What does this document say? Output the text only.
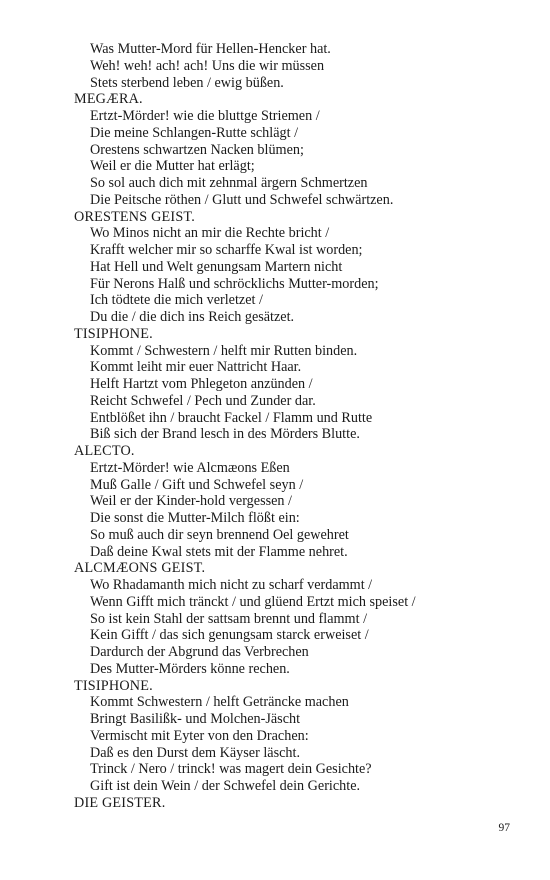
Was Mutter-Mord für Hellen-Hencker hat.
Weh! weh! ach! ach! Uns die wir müssen
Stets sterbend leben / ewig büßen.
MEGÆRA.
Ertzt-Mörder! wie die bluttge Striemen /
Die meine Schlangen-Rutte schlägt /
Orestens schwartzen Nacken blümen;
Weil er die Mutter hat erlägt;
So sol auch dich mit zehnmal ärgern Schmertzen
Die Peitsche röthen / Glutt und Schwefel schwärtzen.
ORESTENS GEIST.
Wo Minos nicht an mir die Rechte bricht /
Krafft welcher mir so scharffe Kwal ist worden;
Hat Hell und Welt genungsam Martern nicht
Für Nerons Halß und schröcklichs Mutter-morden;
Ich tödtete die mich verletzet /
Du die / die dich ins Reich gesätzet.
TISIPHONE.
Kommt / Schwestern / helft mir Rutten binden.
Kommt leiht mir euer Nattricht Haar.
Helft Hartzt vom Phlegeton anzünden /
Reicht Schwefel / Pech und Zunder dar.
Entblößet ihn / braucht Fackel / Flamm und Rutte
Biß sich der Brand lesch in des Mörders Blutte.
ALECTO.
Ertzt-Mörder! wie Alcmæons Eßen
Muß Galle / Gift und Schwefel seyn /
Weil er der Kinder-hold vergessen /
Die sonst die Mutter-Milch flößt ein:
So muß auch dir seyn brennend Oel gewehret
Daß deine Kwal stets mit der Flamme nehret.
ALCMÆONS GEIST.
Wo Rhadamanth mich nicht zu scharf verdammt /
Wenn Gifft mich tränckt / und glüend Ertzt mich speiset /
So ist kein Stahl der sattsam brennt und flammt /
Kein Gifft / das sich genungsam starck erweiset /
Dardurch der Abgrund das Verbrechen
Des Mutter-Mörders könne rechen.
TISIPHONE.
Kommt Schwestern / helft Geträncke machen
Bringt Basilißk- und Molchen-Jäscht
Vermischt mit Eyter von den Drachen:
Daß es den Durst dem Käyser läscht.
Trinck / Nero / trinck! was magert dein Gesichte?
Gift ist dein Wein / der Schwefel dein Gerichte.
DIE GEISTER.
97
